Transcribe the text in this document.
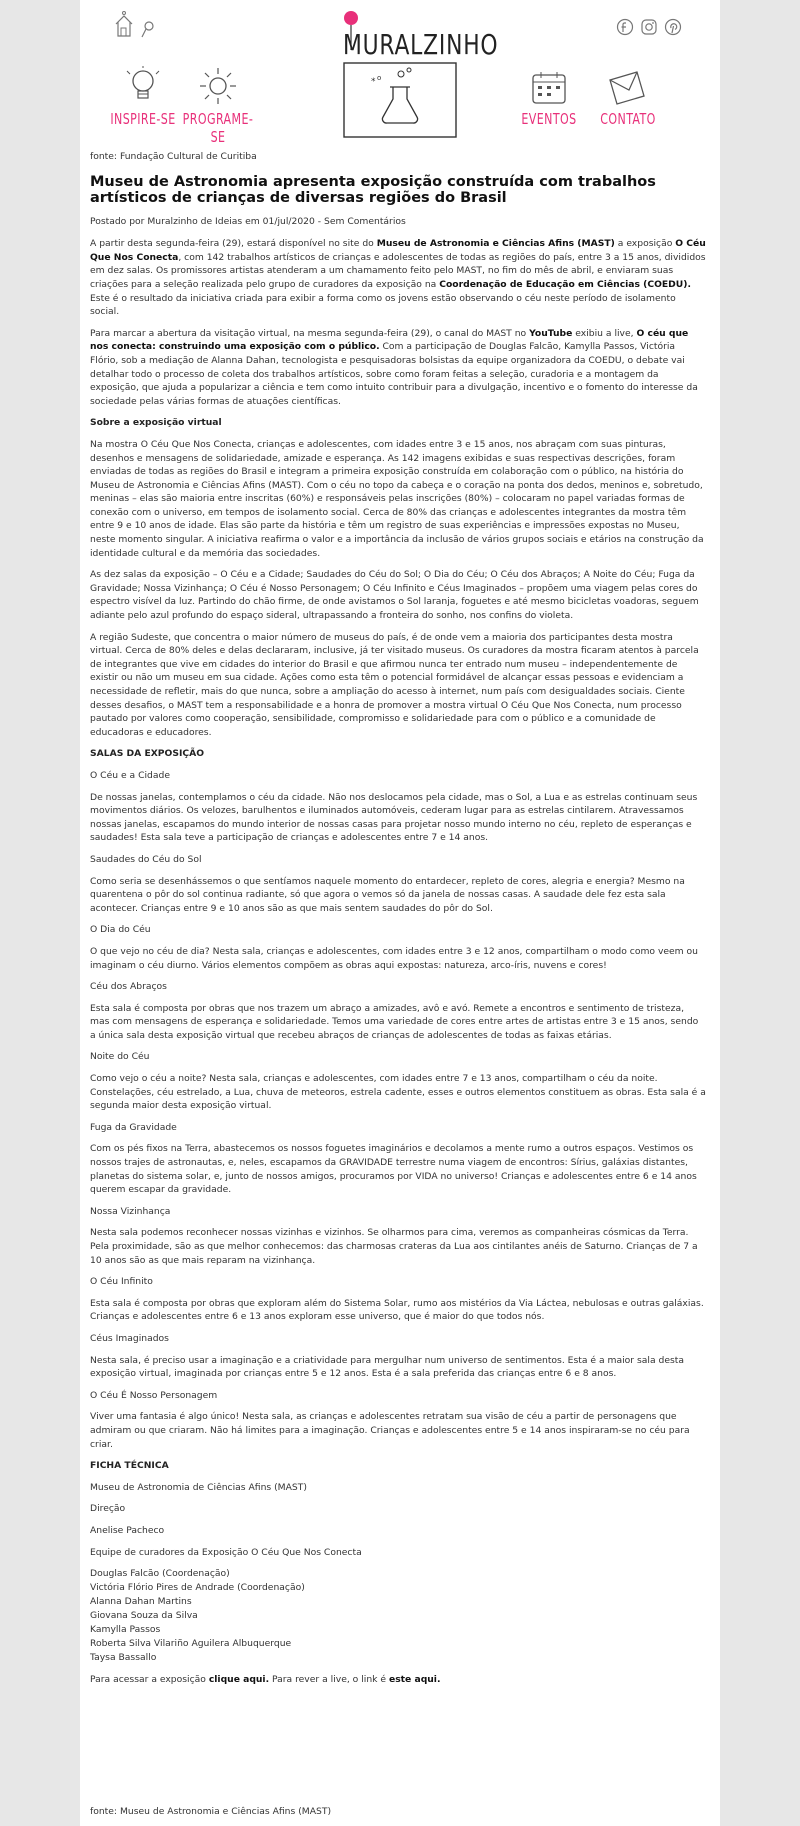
INSPIRE-SE PROGRAME-SE
MURALZINHO
* o
EVENTOS	CONTATO

fonte: Fundação Cultural de Curitiba

Museu de Astronomia apresenta exposição construída com trabalhos artísticos de crianças de diversas regiões do Brasil

Postado por Muralzinho de Ideias em 01/jul/2020 - Sem Comentários

A partir desta segunda-feira (29), estará disponível no site do Museu de Astronomia e Ciências Afins (MAST) a exposição O Céu Que Nos Conecta, com 142 trabalhos artísticos de crianças e adolescentes de todas as regiões do país, entre 3 a 15 anos, divididos em dez salas. Os promissores artistas atenderam a um chamamento feito pelo MAST, no fim do mês de abril, e enviaram suas criações para a seleção realizada pelo grupo de curadores da exposição na Coordenação de Educação em Ciências (COEDU). Este é o resultado da iniciativa criada para exibir a forma como os jovens estão observando o céu neste período de isolamento social.

Para marcar a abertura da visitação virtual, na mesma segunda-feira (29), o canal do MAST no YouTube exibiu a live, O céu que nos conecta: construindo uma exposição com o público. Com a participação de Douglas Falcão, Kamylla Passos, Victória Flório, sob a mediação de Alanna Dahan, tecnologista e pesquisadoras bolsistas da equipe organizadora da COEDU, o debate vai detalhar todo o processo de coleta dos trabalhos artísticos, sobre como foram feitas a seleção, curadoria e a montagem da exposição, que ajuda a popularizar a ciência e tem como intuito contribuir para a divulgação, incentivo e o fomento do interesse da sociedade pelas várias formas de atuações científicas.

Sobre a exposição virtual

Na mostra O Céu Que Nos Conecta, crianças e adolescentes, com idades entre 3 e 15 anos, nos abraçam com suas pinturas, desenhos e mensagens de solidariedade, amizade e esperança. As 142 imagens exibidas e suas respectivas descrições, foram enviadas de todas as regiões do Brasil e integram a primeira exposição construída em colaboração com o público, na história do Museu de Astronomia e Ciências Afins (MAST). Com o céu no topo da cabeça e o coração na ponta dos dedos, meninos e, sobretudo, meninas – elas são maioria entre inscritas (60%) e responsáveis pelas inscrições (80%) – colocaram no papel variadas formas de conexão com o universo, em tempos de isolamento social. Cerca de 80% das crianças e adolescentes integrantes da mostra têm entre 9 e 10 anos de idade. Elas são parte da história e têm um registro de suas experiências e impressões expostas no Museu, neste momento singular. A iniciativa reafirma o valor e a importância da inclusão de vários grupos sociais e etários na construção da identidade cultural e da memória das sociedades.

As dez salas da exposição – O Céu e a Cidade; Saudades do Céu do Sol; O Dia do Céu; O Céu dos Abraços; A Noite do Céu; Fuga da Gravidade; Nossa Vizinhança; O Céu é Nosso Personagem; O Céu Infinito e Céus Imaginados – propõem uma viagem pelas cores do espectro visível da luz. Partindo do chão firme, de onde avistamos o Sol laranja, foguetes e até mesmo bicicletas voadoras, seguem adiante pelo azul profundo do espaço sideral, ultrapassando a fronteira do sonho, nos confins do violeta.

A região Sudeste, que concentra o maior número de museus do país, é de onde vem a maioria dos participantes desta mostra virtual. Cerca de 80% deles e delas declararam, inclusive, já ter visitado museus. Os curadores da mostra ficaram atentos à parcela de integrantes que vive em cidades do interior do Brasil e que afirmou nunca ter entrado num museu – independentemente de existir ou não um museu em sua cidade. Ações como esta têm o potencial formidável de alcançar essas pessoas e evidenciam a necessidade de refletir, mais do que nunca, sobre a ampliação do acesso à internet, num país com desigualdades sociais. Ciente desses desafios, o MAST tem a responsabilidade e a honra de promover a mostra virtual O Céu Que Nos Conecta, num processo pautado por valores como cooperação, sensibilidade, compromisso e solidariedade para com o público e a comunidade de educadoras e educadores.

SALAS DA EXPOSIÇÃO

O Céu e a Cidade

De nossas janelas, contemplamos o céu da cidade. Não nos deslocamos pela cidade, mas o Sol, a Lua e as estrelas continuam seus movimentos diários. Os velozes, barulhentos e iluminados automóveis, cederam lugar para as estrelas cintilarem. Atravessamos nossas janelas, escapamos do mundo interior de nossas casas para projetar nosso mundo interno no céu, repleto de esperanças e saudades! Esta sala teve a participação de crianças e adolescentes entre 7 e 14 anos.

Saudades do Céu do Sol

Como seria se desenhássemos o que sentíamos naquele momento do entardecer, repleto de cores, alegria e energia? Mesmo na quarentena o pôr do sol continua radiante, só que agora o vemos só da janela de nossas casas. A saudade dele fez esta sala acontecer. Crianças entre 9 e 10 anos são as que mais sentem saudades do pôr do Sol.

O Dia do Céu

O que vejo no céu de dia? Nesta sala, crianças e adolescentes, com idades entre 3 e 12 anos, compartilham o modo como veem ou imaginam o céu diurno. Vários elementos compõem as obras aqui expostas: natureza, arco-íris, nuvens e cores!

Céu dos Abraços

Esta sala é composta por obras que nos trazem um abraço a amizades, avô e avó. Remete a encontros e sentimento de tristeza, mas com mensagens de esperança e solidariedade. Temos uma variedade de cores entre artes de artistas entre 3 e 15 anos, sendo a única sala desta exposição virtual que recebeu abraços de crianças de adolescentes de todas as faixas etárias.

Noite do Céu

Como vejo o céu a noite? Nesta sala, crianças e adolescentes, com idades entre 7 e 13 anos, compartilham o céu da noite. Constelações, céu estrelado, a Lua, chuva de meteoros, estrela cadente, esses e outros elementos constituem as obras. Esta sala é a segunda maior desta exposição virtual.

Fuga da Gravidade

Com os pés fixos na Terra, abastecemos os nossos foguetes imaginários e decolamos a mente rumo a outros espaços. Vestimos os nossos trajes de astronautas, e, neles, escapamos da GRAVIDADE terrestre numa viagem de encontros: Sírius, galáxias distantes, planetas do sistema solar, e, junto de nossos amigos, procuramos por VIDA no universo! Crianças e adolescentes entre 6 e 14 anos querem escapar da gravidade.

Nossa Vizinhança

Nesta sala podemos reconhecer nossas vizinhas e vizinhos. Se olharmos para cima, veremos as companheiras cósmicas da Terra. Pela proximidade, são as que melhor conhecemos: das charmosas crateras da Lua aos cintilantes anéis de Saturno. Crianças de 7 a 10 anos são as que mais reparam na vizinhança.

O Céu Infinito

Esta sala é composta por obras que exploram além do Sistema Solar, rumo aos mistérios da Via Láctea, nebulosas e outras galáxias. Crianças e adolescentes entre 6 e 13 anos exploram esse universo, que é maior do que todos nós.

Céus Imaginados

Nesta sala, é preciso usar a imaginação e a criatividade para mergulhar num universo de sentimentos. Esta é a maior sala desta exposição virtual, imaginada por crianças entre 5 e 12 anos. Esta é a sala preferida das crianças entre 6 e 8 anos.

O Céu É Nosso Personagem

Viver uma fantasia é algo único! Nesta sala, as crianças e adolescentes retratam sua visão de céu a partir de personagens que admiram ou que criaram. Não há limites para a imaginação. Crianças e adolescentes entre 5 e 14 anos inspiraram-se no céu para criar.

FICHA TÉCNICA

Museu de Astronomia de Ciências Afins (MAST)

Direção

Anelise Pacheco

Equipe de curadores da Exposição O Céu Que Nos Conecta

Douglas Falcão (Coordenação)
Victória Flório Pires de Andrade (Coordenação)
Alanna Dahan Martins
Giovana Souza da Silva
Kamylla Passos
Roberta Silva Vilariño Aguilera Albuquerque
Taysa Bassallo

Para acessar a exposição clique aqui. Para rever a live, o link é este aqui.

fonte: Museu de Astronomia e Ciências Afins (MAST)
